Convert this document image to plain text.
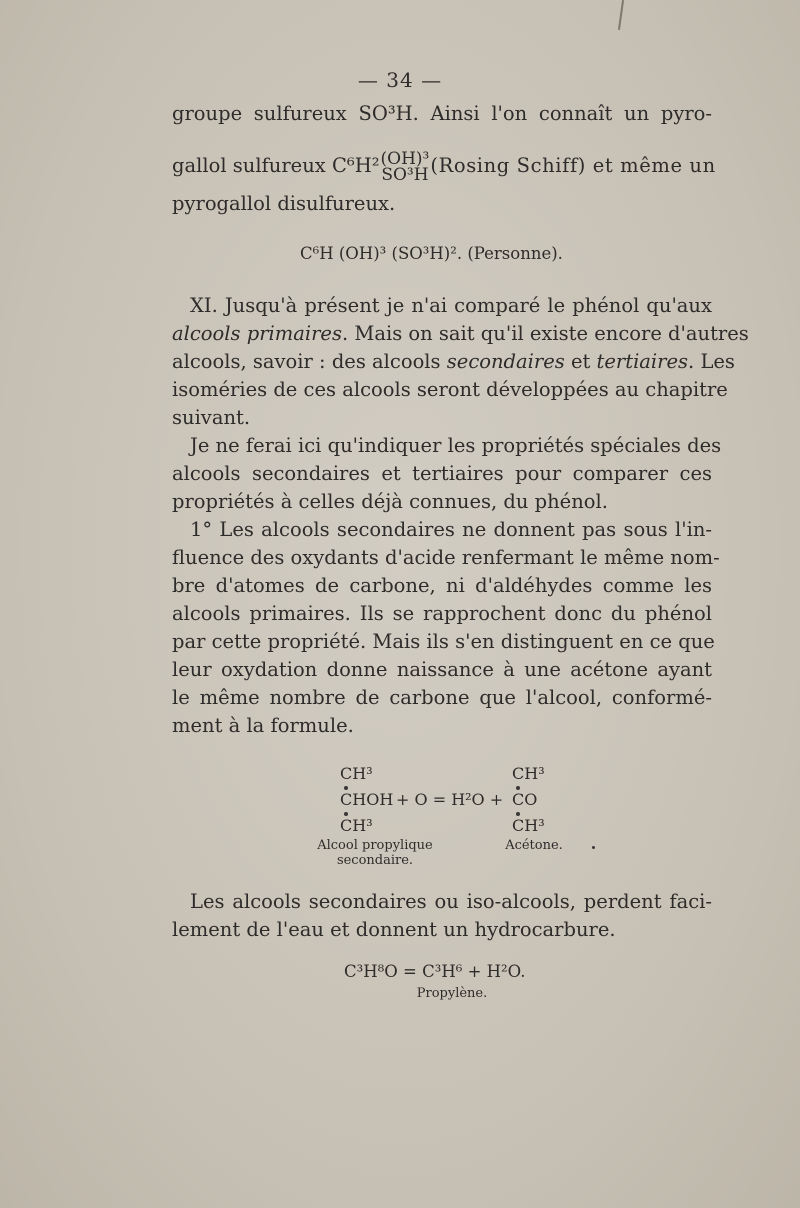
— 34 —
groupe sulfureux SO³H. Ainsi l'on connaît un pyro-
gallol sulfureux C⁶H² (OH)³
SO³H (Rosing Schiff) et même un
pyrogallol disulfureux.
C⁶H (OH)³ (SO³H)². (Personne).
XI. Jusqu'à présent je n'ai comparé le phénol qu'aux
alcools primaires. Mais on sait qu'il existe encore d'autres
alcools, savoir : des alcools secondaires et tertiaires. Les
isoméries de ces alcools seront développées au chapitre
suivant.
Je ne ferai ici qu'indiquer les propriétés spéciales des
alcools secondaires et tertiaires pour comparer ces
propriétés à celles déjà connues, du phénol.
1° Les alcools secondaires ne donnent pas sous l'in-
fluence des oxydants d'acide renfermant le même nom-
bre d'atomes de carbone, ni d'aldéhydes comme les
alcools primaires. Ils se rapprochent donc du phénol
par cette propriété. Mais ils s'en distinguent en ce que
leur oxydation donne naissance à une acétone ayant
le même nombre de carbone que l'alcool, conformé-
ment à la formule.
CH³	CH³
CHOH + O = H²O + CO
CH³	CH³
Alcool propylique
secondaire.
Acétone.
Les alcools secondaires ou iso-alcools, perdent faci-
lement de l'eau et donnent un hydrocarbure.
C³H⁸O = C³H⁶ + H²O.
Propylène.
